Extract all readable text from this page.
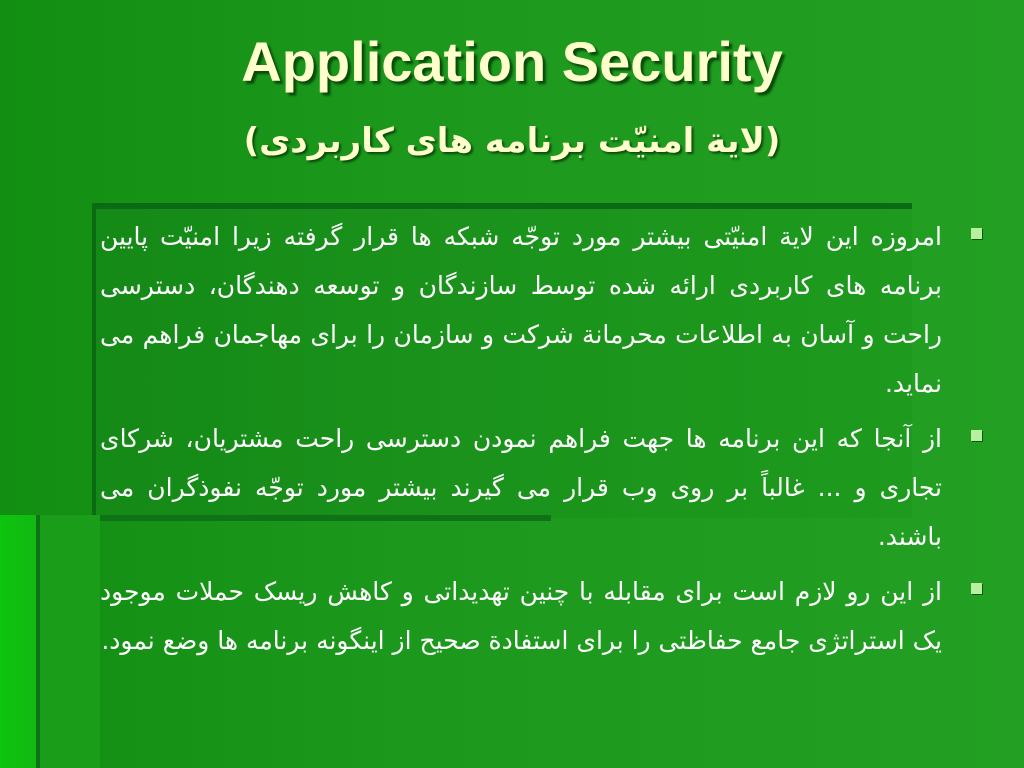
Application Security
(لایة امنیّت برنامه های کاربردی)
امروزه این لایة امنیّتی بیشتر مورد توجّه شبکه ها قرار گرفته زیرا امنیّت پایین برنامه های کاربردی ارائه شده توسط سازندگان و توسعه دهندگان، دسترسی راحت و آسان به اطلاعات محرمانة شرکت و سازمان را برای مهاجمان فراهم می نماید.
از آنجا که این برنامه ها جهت فراهم نمودن دسترسی راحت مشتریان، شرکای تجاری و ... غالباً بر روی وب قرار می گیرند بیشتر مورد توجّه نفوذگران می باشند.
از این رو لازم است برای مقابله با چنین تهدیداتی و کاهش ریسک حملات موجود یک استراتژی جامع حفاظتی را برای استفادة صحیح از اینگونه برنامه ها وضع نمود.
